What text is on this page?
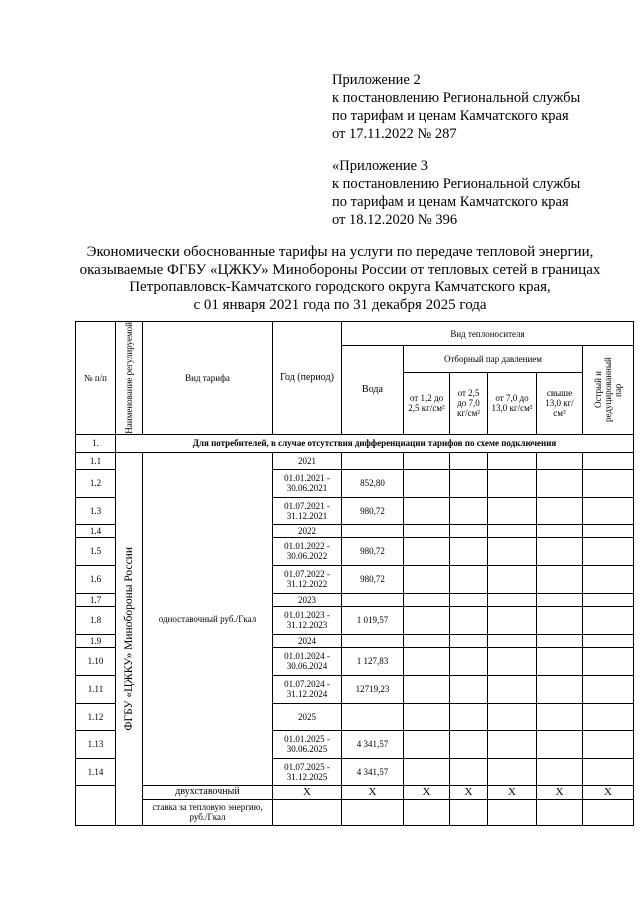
Приложение 2
к постановлению Региональной службы
по тарифам и ценам Камчатского края
от 17.11.2022 № 287
«Приложение 3
к постановлению Региональной службы
по тарифам и ценам Камчатского края
от 18.12.2020 № 396
Экономически обоснованные тарифы на услуги по передаче тепловой энергии,
оказываемые ФГБУ «ЦЖКУ» Минобороны России от тепловых сетей в границах
Петропавловск-Камчатского городского округа Камчатского края,
с 01 января 2021 года по 31 декабря 2025 года
№ п/п	Наименование регулируемой	Вид тарифа	Год (период)	Вид теплоносителя					
				Вода	Отборный пар давлением				Острый и редуцированный пар

					от 1,2 до 2,5 кг/см²	от 2,5 до 7,0 кг/см²	от 7,0 до 13,0 кг/см²	свыше 13,0 кг/см²	
1.	Для потребителей, в случае отсутствия дифференциации тарифов по схеме подключения								
1.1	ФГБУ «ЦЖКУ» Минобороны России	одноставочный руб./Гкал	2021						
1.2			01.01.2021 - 30.06.2021	852,80					
1.3			01.07.2021 - 31.12.2021	980,72					
1.4			2022						
1.5			01.01.2022 - 30.06.2022	980,72					
1.6			01.07.2022 - 31.12.2022	980,72					
1.7			2023						
1.8			01.01.2023 - 31.12.2023	1 019,57					
1.9			2024						
1.10			01.01.2024 - 30.06.2024	1 127,83					
1.11			01.07.2024 - 31.12.2024	12719,23					
1.12			2025						
1.13			01.01.2025 - 30.06.2025	4 341,57					
1.14			01.07.2025 - 31.12.2025	4 341,57					
		двухставочный	Х	Х	Х	Х	Х	Х	Х
		ставка за тепловую энергию, руб./Гкал							
